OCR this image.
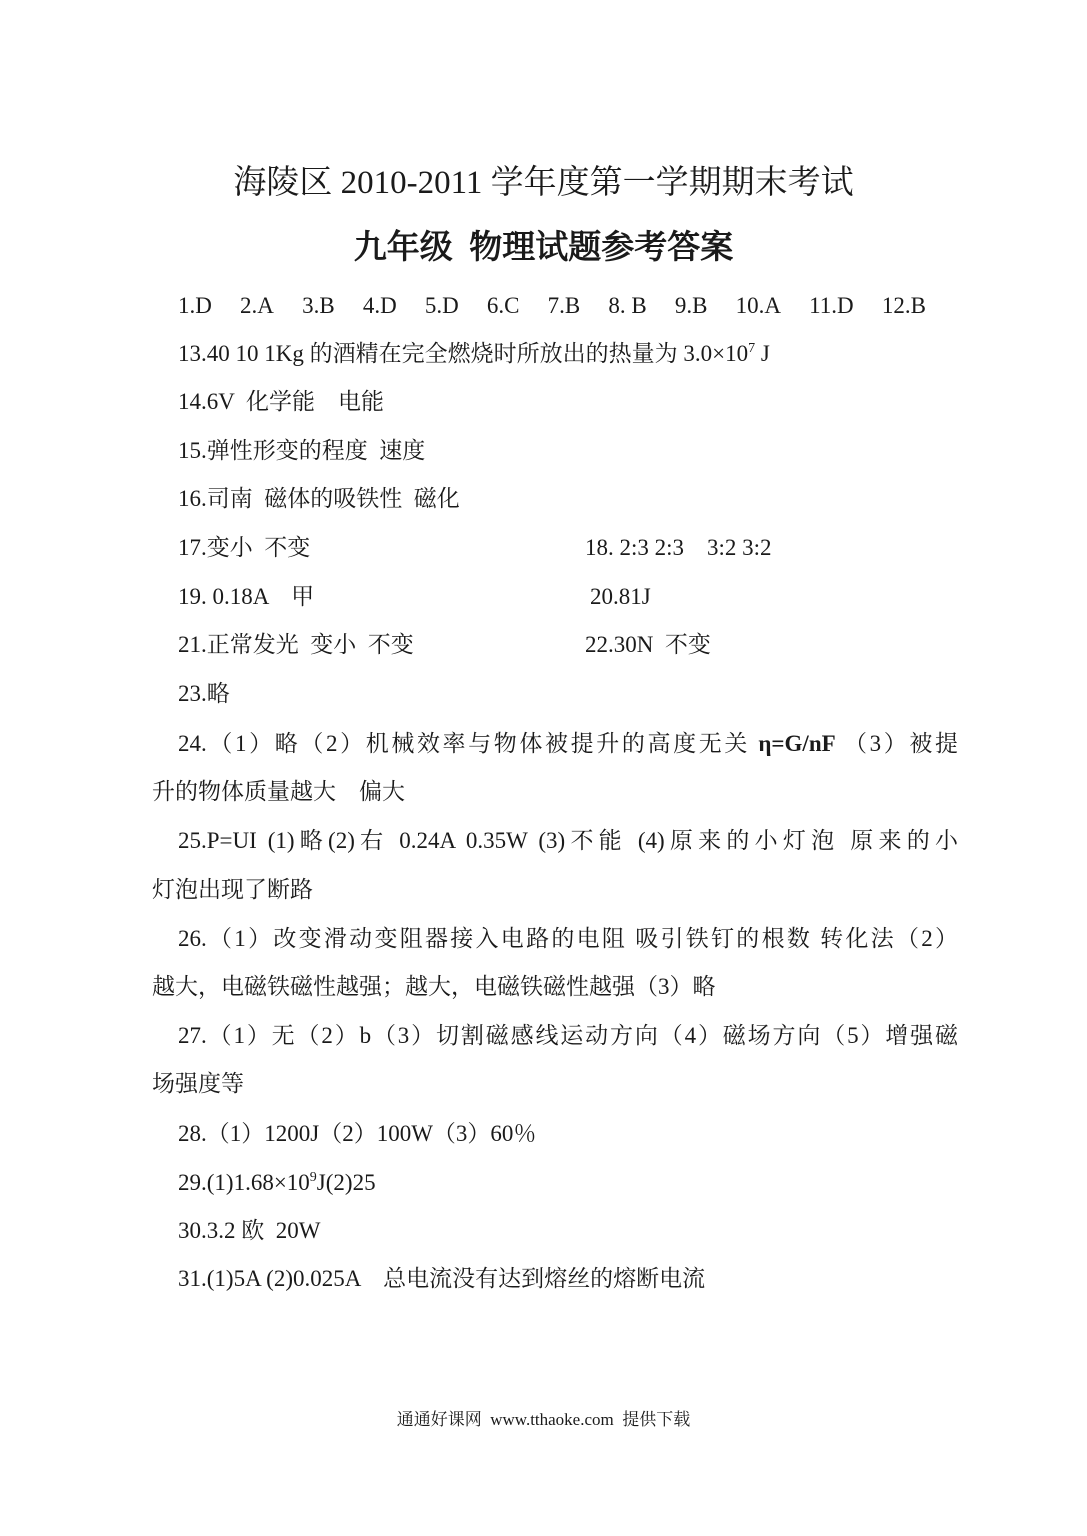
海陵区 2010-2011 学年度第一学期期末考试
九年级  物理试题参考答案
1.D 2.A 3.B 4.D 5.D 6.C 7.B 8. B 9.B 10.A 11.D 12.B
13.40 10 1Kg 的酒精在完全燃烧时所放出的热量为 $3.0\times 10^7$ J
14.6V  化学能    电能
15.弹性形变的程度  速度
16.司南  磁体的吸铁性  磁化
17.变小  不变	18. 2:3 2:3    3:2 3:2
19. 0.18A    甲	20.81J
21.正常发光  变小  不变	22.30N  不变
23.略
24.（1）略（2）机械效率与物体被提升的高度无关 η=G/nF （3）被提
升的物体质量越大    偏大
25.P=UI (1)略(2)右 0.24A 0.35W (3)不能 (4)原来的小灯泡 原来的小
灯泡出现了断路
26.（1）改变滑动变阻器接入电路的电阻 吸引铁钉的根数 转化法（2）
越大，电磁铁磁性越强；越大，电磁铁磁性越强（3）略
27.（1）无（2）b（3）切割磁感线运动方向（4）磁场方向（5）增强磁
场强度等
28.（1）1200J（2）100W（3）60％
$29.(1)1.68\times 10^9J(2)25$
30.3.2 欧  20W
31.(1)5A (2)0.025A    总电流没有达到熔丝的熔断电流
通通好课网  www.tthaoke.com  提供下载
